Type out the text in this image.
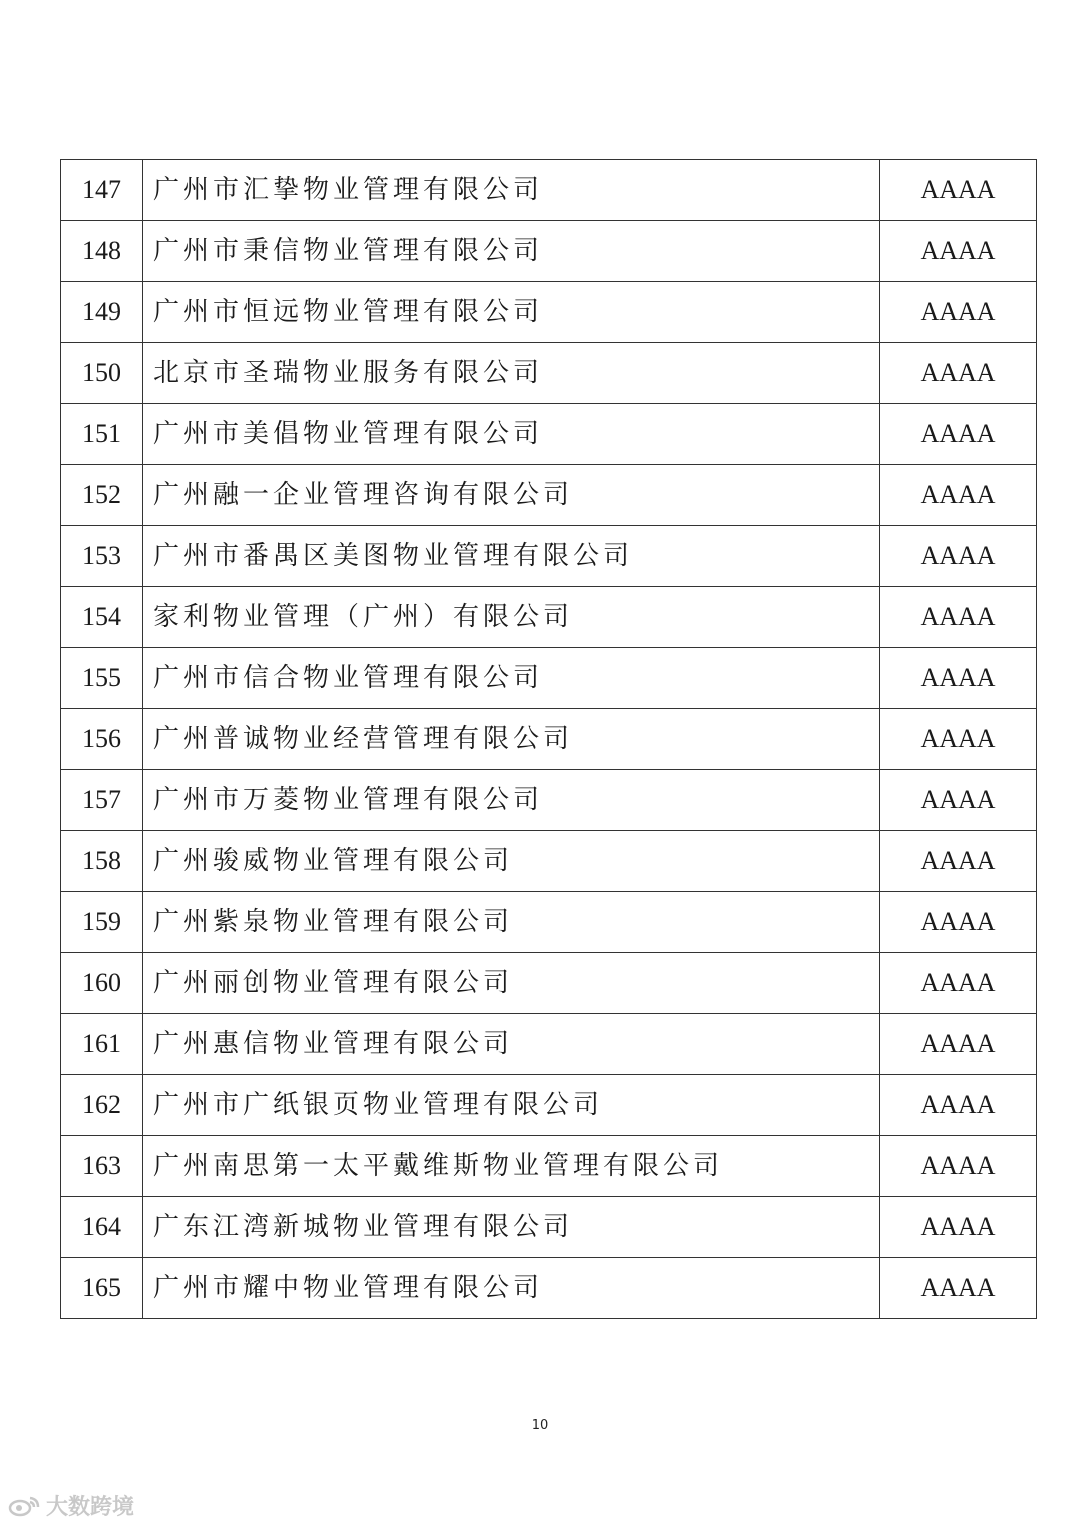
147	广州市汇挚物业管理有限公司	AAAA
148	广州市秉信物业管理有限公司	AAAA
149	广州市恒远物业管理有限公司	AAAA
150	北京市圣瑞物业服务有限公司	AAAA
151	广州市美倡物业管理有限公司	AAAA
152	广州融一企业管理咨询有限公司	AAAA
153	广州市番禺区美图物业管理有限公司	AAAA
154	家利物业管理（广州）有限公司	AAAA
155	广州市信合物业管理有限公司	AAAA
156	广州普诚物业经营管理有限公司	AAAA
157	广州市万菱物业管理有限公司	AAAA
158	广州骏威物业管理有限公司	AAAA
159	广州紫泉物业管理有限公司	AAAA
160	广州丽创物业管理有限公司	AAAA
161	广州惠信物业管理有限公司	AAAA
162	广州市广纸银页物业管理有限公司	AAAA
163	广州南思第一太平戴维斯物业管理有限公司	AAAA
164	广东江湾新城物业管理有限公司	AAAA
165	广州市耀中物业管理有限公司	AAAA
10
大数跨境
